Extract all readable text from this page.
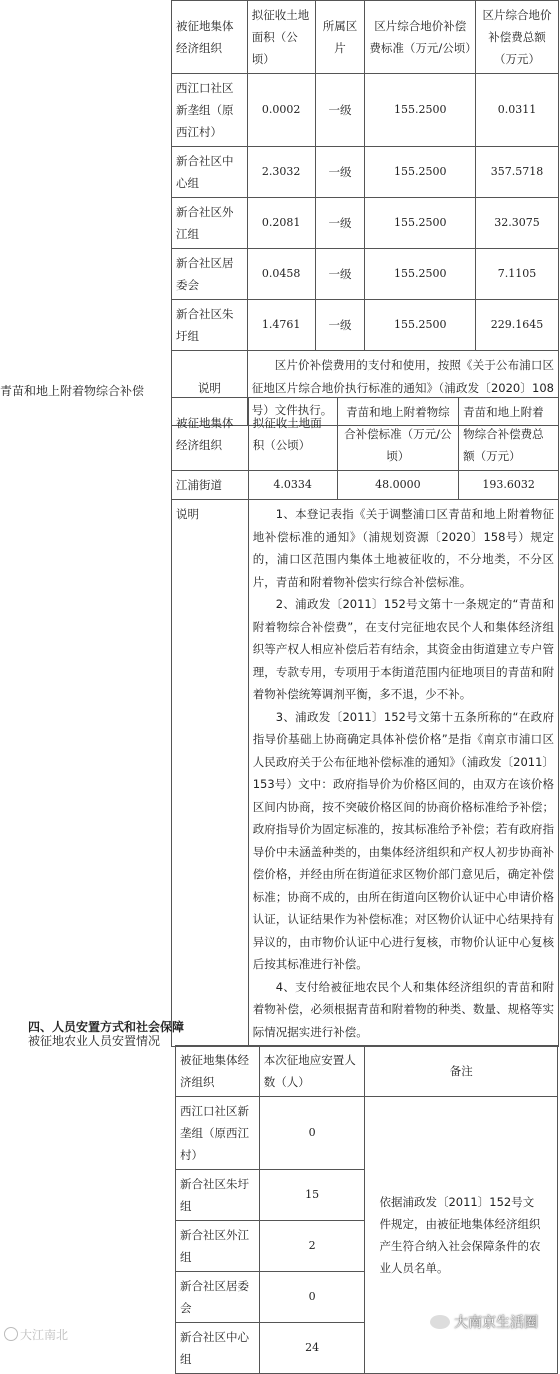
被征地集体经济组织	拟征收土地面积（公顷）	所属区片	区片综合地价补偿费标准（万元/公顷）	区片综合地价补偿费总额（万元）
西江口社区新垄组（原西江村）	0.0002	一级	155.2500	0.0311
新合社区中心组	2.3032	一级	155.2500	357.5718
新合社区外江组	0.2081	一级	155.2500	32.3075
新合社区居委会	0.0458	一级	155.2500	7.1105
新合社区朱圩组	1.4761	一级	155.2500	229.1645
说明	区片价补偿费用的支付和使用，按照《关于公布浦口区征地区片综合地价执行标准的通知》（浦政发〔2020〕108号）文件执行。			

青苗和地上附着物综合补偿
被征地集体经济组织	拟征收土地面积（公顷）	青苗和地上附着物综合补偿标准（万元/公顷）	青苗和地上附着物综合补偿费总额（万元）
江浦街道	4.0334	48.0000	193.6032
说明	1、本登记表指《关于调整浦口区青苗和地上附着物征地补偿标准的通知》（浦规划资源〔2020〕158号）规定的，浦口区范围内集体土地被征收的，不分地类，不分区片，青苗和附着物补偿实行综合补偿标准。

2、浦政发〔2011〕152号文第十一条规定的“青苗和附着物综合补偿费”，在支付完征地农民个人和集体经济组织等产权人相应补偿后若有结余，其资金由街道建立专户管理，专款专用，专项用于本街道范围内征地项目的青苗和附着物补偿统筹调剂平衡，多不退，少不补。

3、浦政发〔2011〕152号文第十五条所称的“在政府指导价基础上协商确定具体补偿价格”是指《南京市浦口区人民政府关于公布征地补偿标准的通知》（浦政发〔2011〕153号）文中：政府指导价为价格区间的，由双方在该价格区间内协商，按不突破价格区间的协商价格标准给予补偿；政府指导价为固定标准的，按其标准给予补偿；若有政府指导价中未涵盖种类的，由集体经济组织和产权人初步协商补偿价格，并经由所在街道征求区物价部门意见后，确定补偿标准；协商不成的，由所在街道向区物价认证中心申请价格认证，认证结果作为补偿标准；对区物价认证中心结果持有异议的，由市物价认证中心进行复核，市物价认证中心复核后按其标准进行补偿。

4、支付给被征地农民个人和集体经济组织的青苗和附着物补偿，必须根据青苗和附着物的种类、数量、规格等实际情况据实进行补偿。		

四、人员安置方式和社会保障
被征地农业人员安置情况
被征地集体经济组织	本次征地应安置人数（人）	备注
西江口社区新垄组（原西江村）	0	依据浦政发〔2011〕152号文件规定，由被征地集体经济组织产生符合纳入社会保障条件的农业人员名单。
新合社区朱圩组	15	
新合社区外江组	2	
新合社区居委会	0	
新合社区中心组	24	
大江南北
大南京生活圈
